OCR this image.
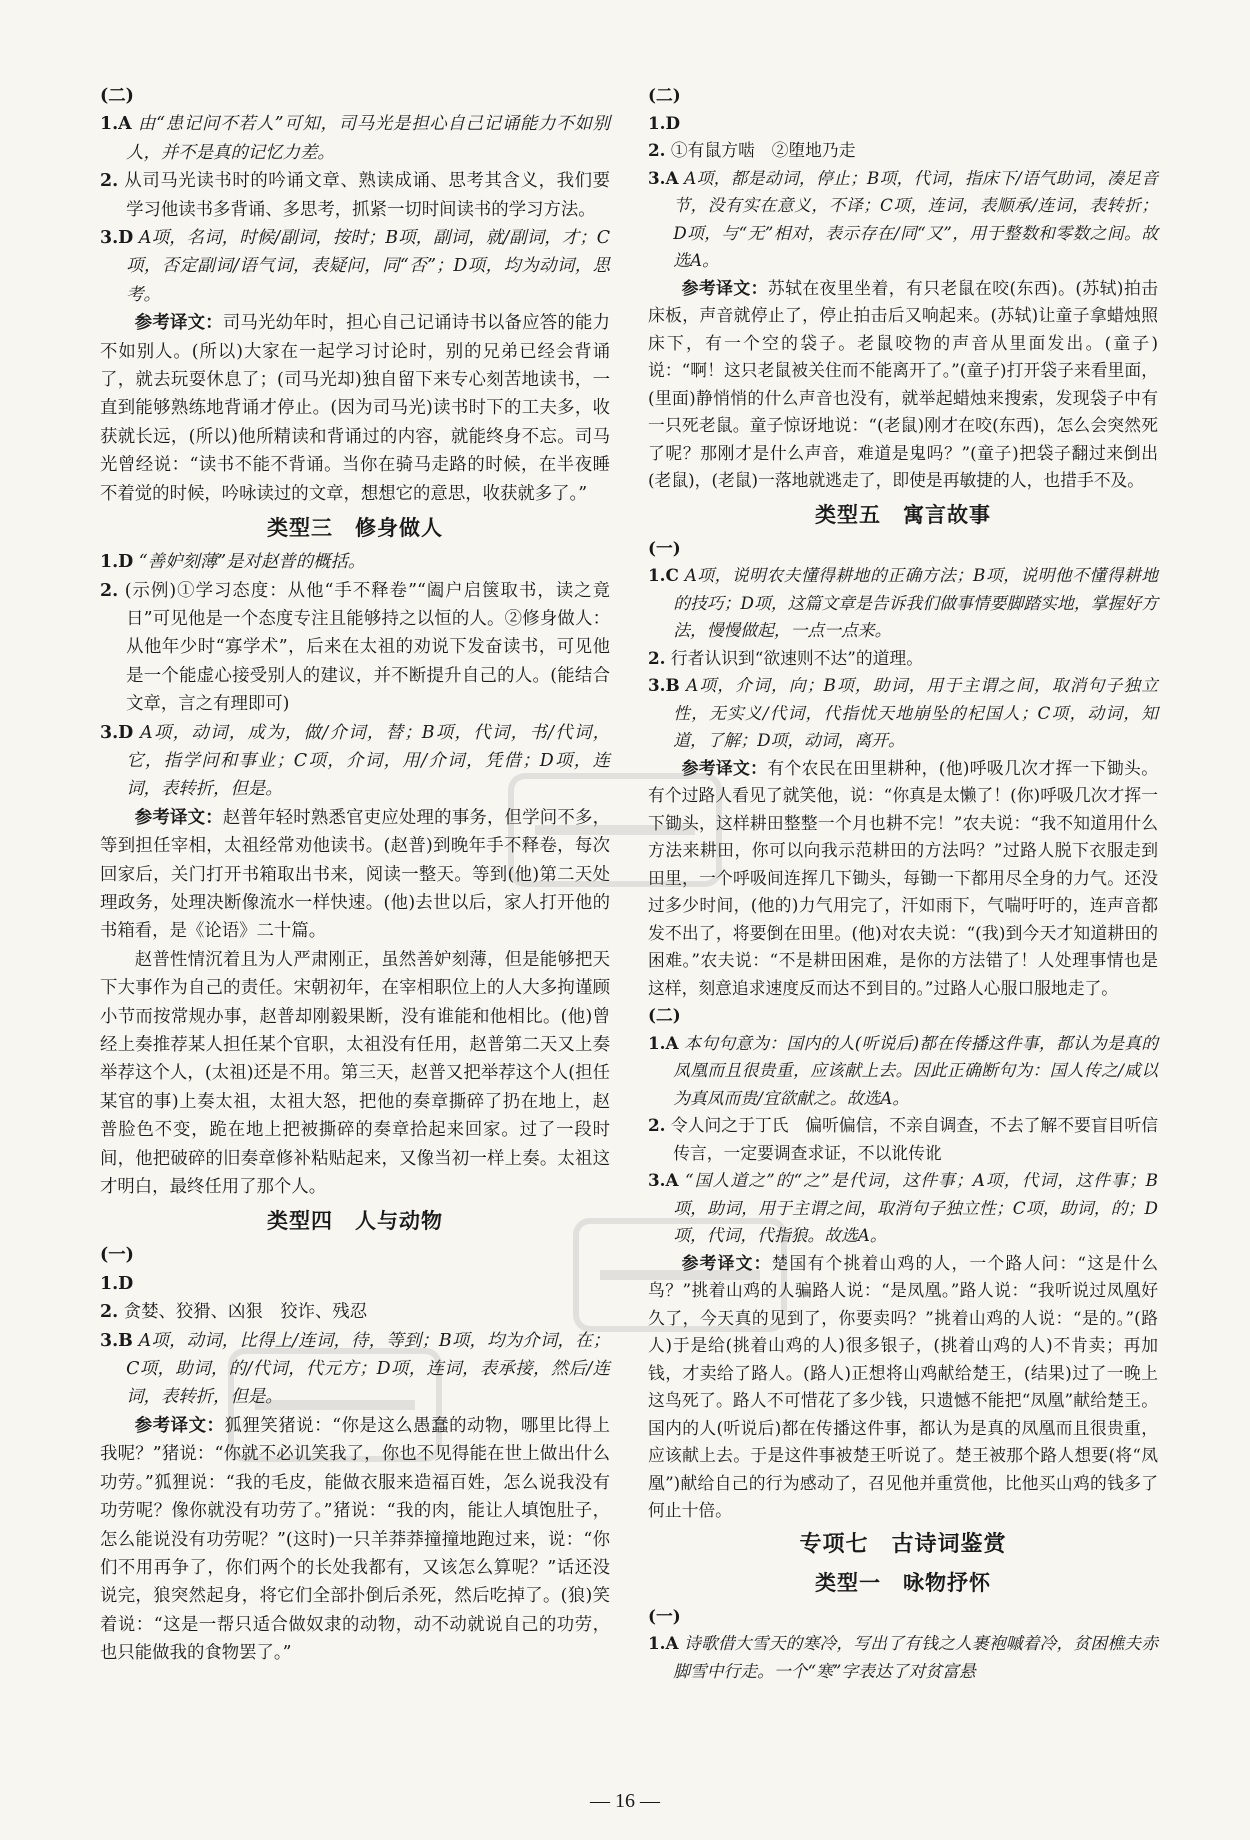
(二)

1.A 由“患记问不若人”可知，司马光是担心自己记诵能力不如别人，并不是真的记忆力差。

2. 从司马光读书时的吟诵文章、熟读成诵、思考其含义，我们要学习他读书多背诵、多思考，抓紧一切时间读书的学习方法。

3.D A项，名词，时候/副词，按时；B项，副词，就/副词，才；C项，否定副词/语气词，表疑问，同“否”；D项，均为动词，思考。

参考译文：司马光幼年时，担心自己记诵诗书以备应答的能力不如别人。(所以)大家在一起学习讨论时，别的兄弟已经会背诵了，就去玩耍休息了；(司马光却)独自留下来专心刻苦地读书，一直到能够熟练地背诵才停止。(因为司马光)读书时下的工夫多，收获就长远，(所以)他所精读和背诵过的内容，就能终身不忘。司马光曾经说：“读书不能不背诵。当你在骑马走路的时候，在半夜睡不着觉的时候，吟咏读过的文章，想想它的意思，收获就多了。”

类型三　修身做人

1.D “善妒刻薄”是对赵普的概括。

2. (示例)①学习态度：从他“手不释卷”“阖户启箧取书，读之竟日”可见他是一个态度专注且能够持之以恒的人。②修身做人：从他年少时“寡学术”，后来在太祖的劝说下发奋读书，可见他是一个能虚心接受别人的建议，并不断提升自己的人。(能结合文章，言之有理即可)

3.D A项，动词，成为，做/介词，替；B项，代词，书/代词，它，指学问和事业；C项，介词，用/介词，凭借；D项，连词，表转折，但是。

参考译文：赵普年轻时熟悉官吏应处理的事务，但学问不多，等到担任宰相，太祖经常劝他读书。(赵普)到晚年手不释卷，每次回家后，关门打开书箱取出书来，阅读一整天。等到(他)第二天处理政务，处理决断像流水一样快速。(他)去世以后，家人打开他的书箱看，是《论语》二十篇。

赵普性情沉着且为人严肃刚正，虽然善妒刻薄，但是能够把天下大事作为自己的责任。宋朝初年，在宰相职位上的人大多拘谨顾小节而按常规办事，赵普却刚毅果断，没有谁能和他相比。(他)曾经上奏推荐某人担任某个官职，太祖没有任用，赵普第二天又上奏举荐这个人，(太祖)还是不用。第三天，赵普又把举荐这个人(担任某官的事)上奏太祖，太祖大怒，把他的奏章撕碎了扔在地上，赵普脸色不变，跪在地上把被撕碎的奏章拾起来回家。过了一段时间，他把破碎的旧奏章修补粘贴起来，又像当初一样上奏。太祖这才明白，最终任用了那个人。

类型四　人与动物

(一)

1.D

2. 贪婪、狡猾、凶狠　狡诈、残忍

3.B A项，动词，比得上/连词，待，等到；B项，均为介词，在；C项，助词，的/代词，代元方；D项，连词，表承接，然后/连词，表转折，但是。

参考译文：狐狸笑猪说：“你是这么愚蠢的动物，哪里比得上我呢？”猪说：“你就不必讥笑我了，你也不见得能在世上做出什么功劳。”狐狸说：“我的毛皮，能做衣服来造福百姓，怎么说我没有功劳呢？像你就没有功劳了。”猪说：“我的肉，能让人填饱肚子，怎么能说没有功劳呢？”(这时)一只羊莽莽撞撞地跑过来，说：“你们不用再争了，你们两个的长处我都有，又该怎么算呢？”话还没说完，狼突然起身，将它们全部扑倒后杀死，然后吃掉了。(狼)笑着说：“这是一帮只适合做奴隶的动物，动不动就说自己的功劳，也只能做我的食物罢了。”

(二)

1.D

2. ①有鼠方啮　②堕地乃走

3.A A项，都是动词，停止；B项，代词，指床下/语气助词，凑足音节，没有实在意义，不译；C项，连词，表顺承/连词，表转折；D项，与“无”相对，表示存在/同“又”，用于整数和零数之间。故选A。

参考译文：苏轼在夜里坐着，有只老鼠在咬(东西)。(苏轼)拍击床板，声音就停止了，停止拍击后又响起来。(苏轼)让童子拿蜡烛照床下，有一个空的袋子。老鼠咬物的声音从里面发出。(童子)说：“啊！这只老鼠被关住而不能离开了。”(童子)打开袋子来看里面，(里面)静悄悄的什么声音也没有，就举起蜡烛来搜索，发现袋子中有一只死老鼠。童子惊讶地说：“(老鼠)刚才在咬(东西)，怎么会突然死了呢？那刚才是什么声音，难道是鬼吗？”(童子)把袋子翻过来倒出(老鼠)，(老鼠)一落地就逃走了，即使是再敏捷的人，也措手不及。

类型五　寓言故事

(一)

1.C A项，说明农夫懂得耕地的正确方法；B项，说明他不懂得耕地的技巧；D项，这篇文章是告诉我们做事情要脚踏实地，掌握好方法，慢慢做起，一点一点来。

2. 行者认识到“欲速则不达”的道理。

3.B A项，介词，向；B项，助词，用于主谓之间，取消句子独立性，无实义/代词，代指忧天地崩坠的杞国人；C项，动词，知道，了解；D项，动词，离开。

参考译文：有个农民在田里耕种，(他)呼吸几次才挥一下锄头。有个过路人看见了就笑他，说：“你真是太懒了！(你)呼吸几次才挥一下锄头，这样耕田整整一个月也耕不完！”农夫说：“我不知道用什么方法来耕田，你可以向我示范耕田的方法吗？”过路人脱下衣服走到田里，一个呼吸间连挥几下锄头，每锄一下都用尽全身的力气。还没过多少时间，(他的)力气用完了，汗如雨下，气喘吁吁的，连声音都发不出了，将要倒在田里。(他)对农夫说：“(我)到今天才知道耕田的困难。”农夫说：“不是耕田困难，是你的方法错了！人处理事情也是这样，刻意追求速度反而达不到目的。”过路人心服口服地走了。

(二)

1.A 本句句意为：国内的人(听说后)都在传播这件事，都认为是真的凤凰而且很贵重，应该献上去。因此正确断句为：国人传之/咸以为真凤而贵/宜欲献之。故选A。

2. 令人问之于丁氏　偏听偏信，不亲自调查，不去了解不要盲目听信传言，一定要调查求证，不以讹传讹

3.A “国人道之”的“之”是代词，这件事；A项，代词，这件事；B项，助词，用于主谓之间，取消句子独立性；C项，助词，的；D项，代词，代指狼。故选A。

参考译文：楚国有个挑着山鸡的人，一个路人问：“这是什么鸟？”挑着山鸡的人骗路人说：“是凤凰。”路人说：“我听说过凤凰好久了，今天真的见到了，你要卖吗？”挑着山鸡的人说：“是的。”(路人)于是给(挑着山鸡的人)很多银子，(挑着山鸡的人)不肯卖；再加钱，才卖给了路人。(路人)正想将山鸡献给楚王，(结果)过了一晚上这鸟死了。路人不可惜花了多少钱，只遗憾不能把“凤凰”献给楚王。国内的人(听说后)都在传播这件事，都认为是真的凤凰而且很贵重，应该献上去。于是这件事被楚王听说了。楚王被那个路人想要(将“凤凰”)献给自己的行为感动了，召见他并重赏他，比他买山鸡的钱多了何止十倍。

专项七　古诗词鉴赏

类型一　咏物抒怀

(一)

1.A 诗歌借大雪天的寒冷，写出了有钱之人裹袍嘁着冷，贫困樵夫赤脚雪中行走。一个“寒”字表达了对贫富悬

— 16 —
